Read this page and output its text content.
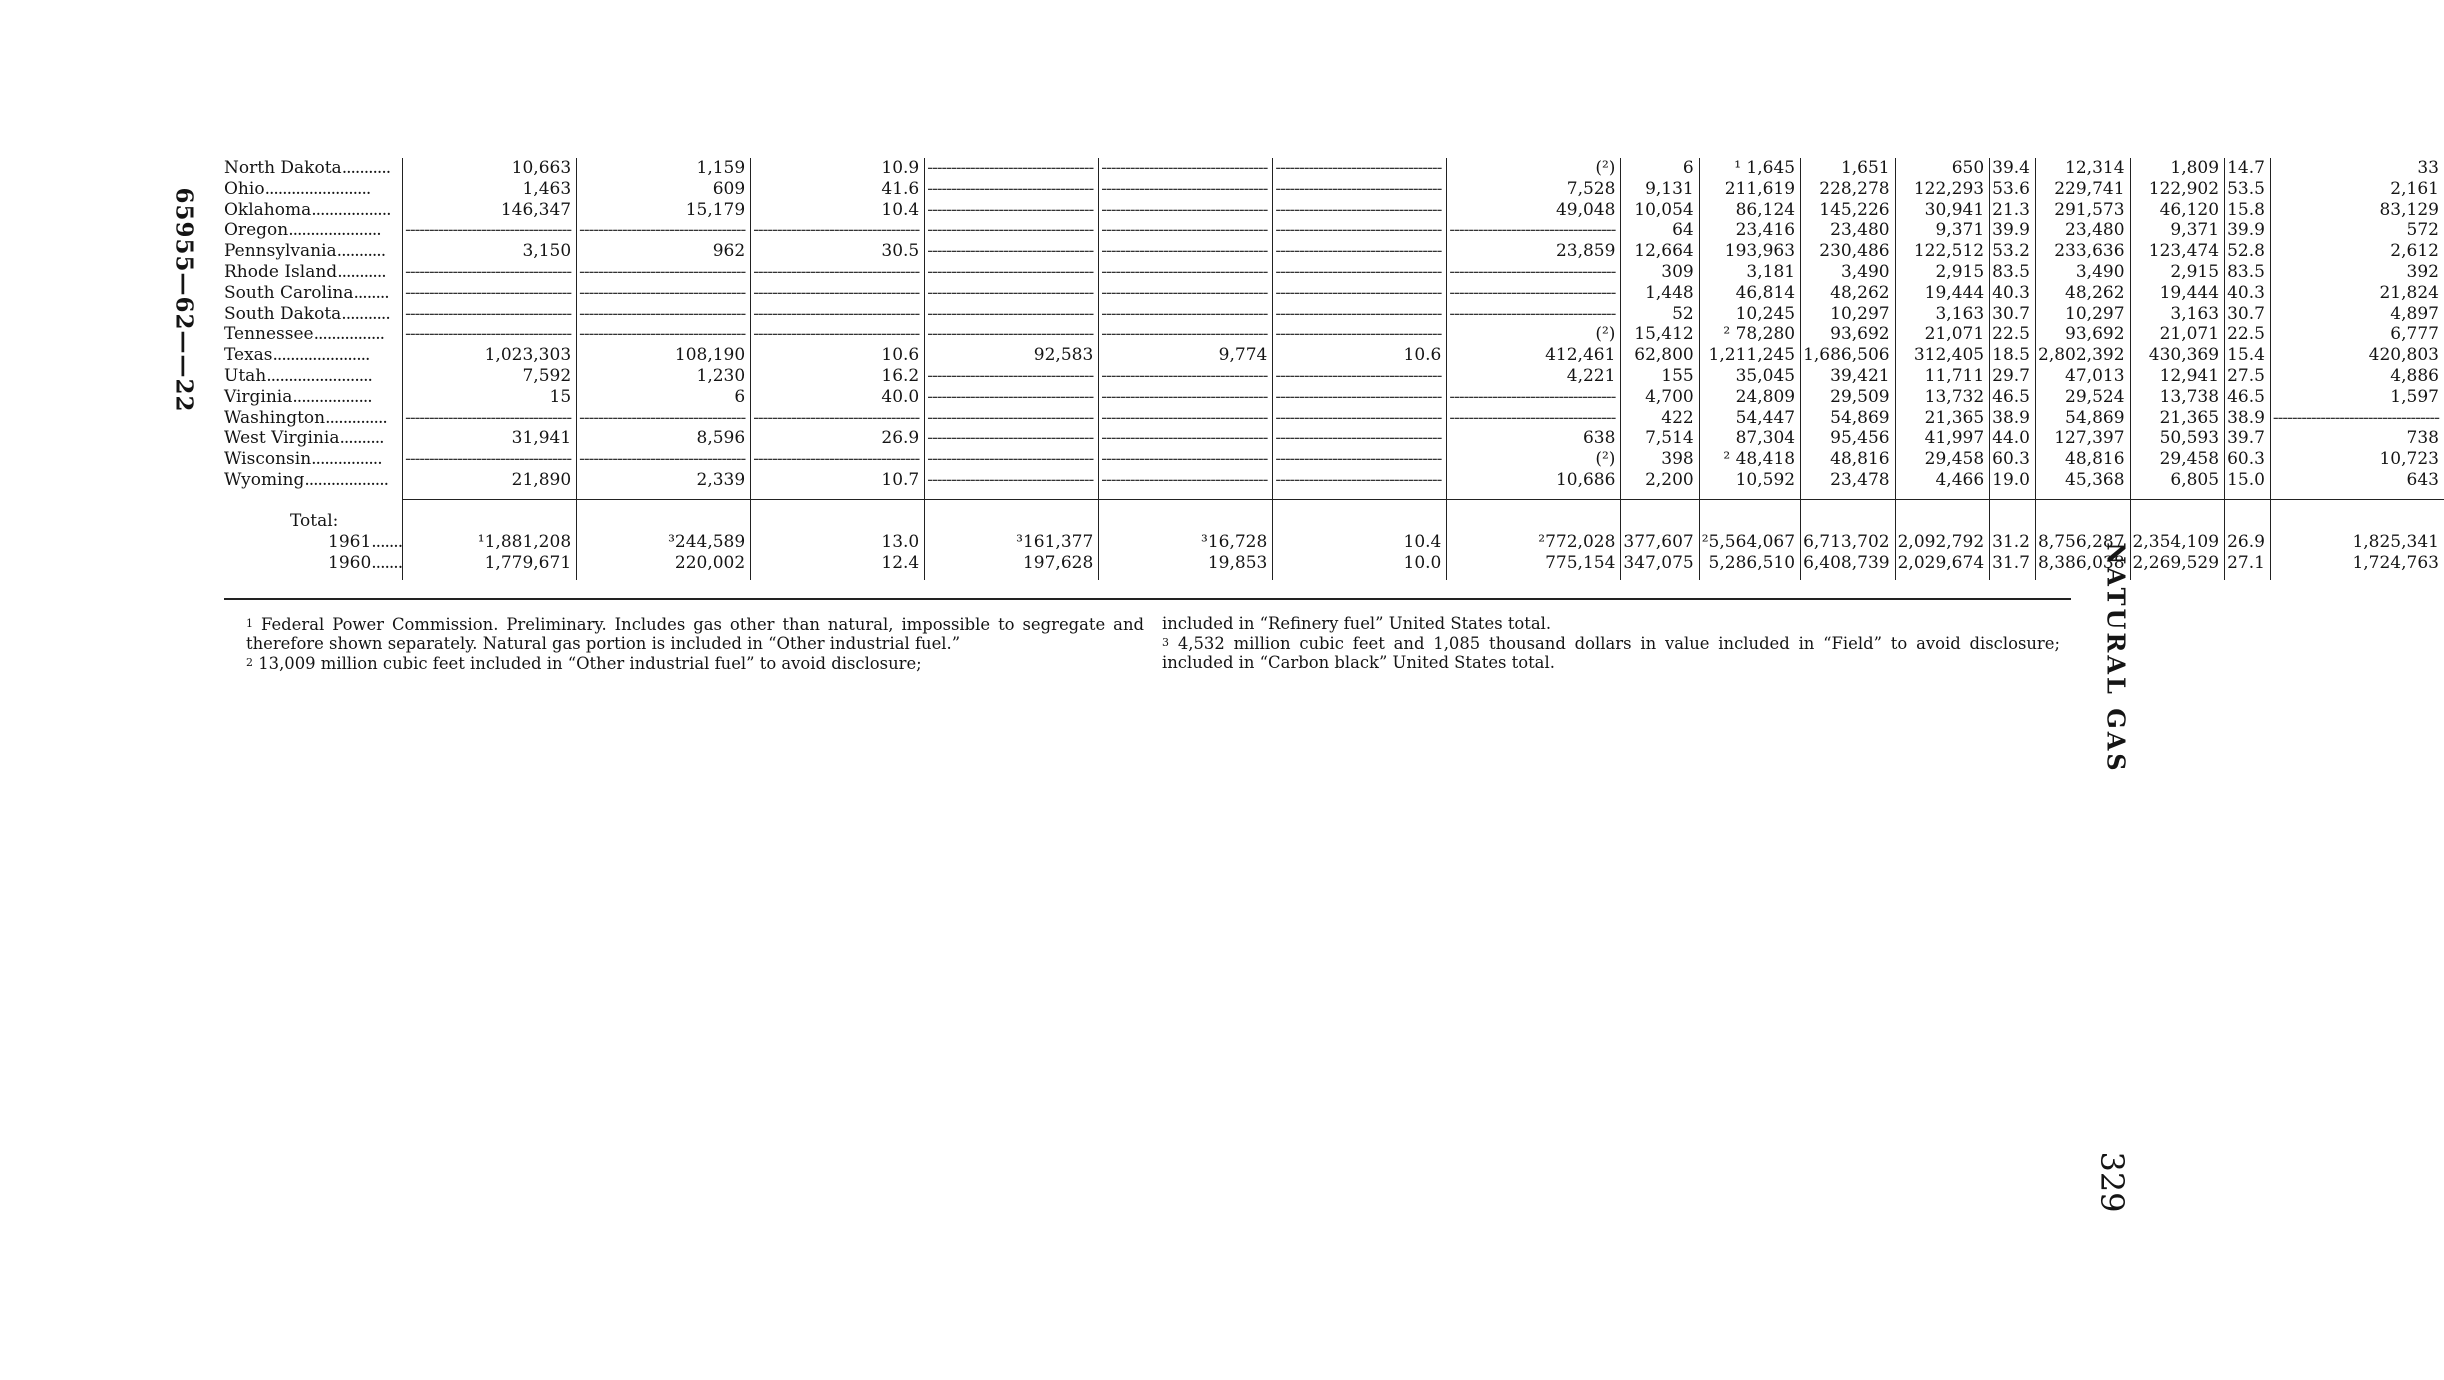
65955—62——22
NATURAL GAS
329
North Dakota...........	10,663	1,159	10.9	-----------------------------------	-----------------------------------	-----------------------------------	(²)	6	¹ 1,645	1,651	650	39.4	12,314	1,809	14.7	33
Ohio........................	1,463	609	41.6	-----------------------------------	-----------------------------------	-----------------------------------	7,528	9,131	211,619	228,278	122,293	53.6	229,741	122,902	53.5	2,161
Oklahoma..................	146,347	15,179	10.4	-----------------------------------	-----------------------------------	-----------------------------------	49,048	10,054	86,124	145,226	30,941	21.3	291,573	46,120	15.8	83,129
Oregon.....................	-----------------------------------	-----------------------------------	-----------------------------------	-----------------------------------	-----------------------------------	-----------------------------------	-----------------------------------	64	23,416	23,480	9,371	39.9	23,480	9,371	39.9	572
Pennsylvania...........	3,150	962	30.5	-----------------------------------	-----------------------------------	-----------------------------------	23,859	12,664	193,963	230,486	122,512	53.2	233,636	123,474	52.8	2,612
Rhode Island...........	-----------------------------------	-----------------------------------	-----------------------------------	-----------------------------------	-----------------------------------	-----------------------------------	-----------------------------------	309	3,181	3,490	2,915	83.5	3,490	2,915	83.5	392
South Carolina........	-----------------------------------	-----------------------------------	-----------------------------------	-----------------------------------	-----------------------------------	-----------------------------------	-----------------------------------	1,448	46,814	48,262	19,444	40.3	48,262	19,444	40.3	21,824
South Dakota...........	-----------------------------------	-----------------------------------	-----------------------------------	-----------------------------------	-----------------------------------	-----------------------------------	-----------------------------------	52	10,245	10,297	3,163	30.7	10,297	3,163	30.7	4,897
Tennessee................	-----------------------------------	-----------------------------------	-----------------------------------	-----------------------------------	-----------------------------------	-----------------------------------	(²)	15,412	² 78,280	93,692	21,071	22.5	93,692	21,071	22.5	6,777
Texas......................	1,023,303	108,190	10.6	92,583	9,774	10.6	412,461	62,800	1,211,245	1,686,506	312,405	18.5	2,802,392	430,369	15.4	420,803
Utah........................	7,592	1,230	16.2	-----------------------------------	-----------------------------------	-----------------------------------	4,221	155	35,045	39,421	11,711	29.7	47,013	12,941	27.5	4,886
Virginia..................	15	6	40.0	-----------------------------------	-----------------------------------	-----------------------------------	-----------------------------------	4,700	24,809	29,509	13,732	46.5	29,524	13,738	46.5	1,597
Washington..............	-----------------------------------	-----------------------------------	-----------------------------------	-----------------------------------	-----------------------------------	-----------------------------------	-----------------------------------	422	54,447	54,869	21,365	38.9	54,869	21,365	38.9	-----------------------------------

West Virginia..........	31,941	8,596	26.9	-----------------------------------	-----------------------------------	-----------------------------------	638	7,514	87,304	95,456	41,997	44.0	127,397	50,593	39.7	738
Wisconsin................	-----------------------------------	-----------------------------------	-----------------------------------	-----------------------------------	-----------------------------------	-----------------------------------	(²)	398	² 48,418	48,816	29,458	60.3	48,816	29,458	60.3	10,723
Wyoming...................	21,890	2,339	10.7	-----------------------------------	-----------------------------------	-----------------------------------	10,686	2,200	10,592	23,478	4,466	19.0	45,368	6,805	15.0	643

Total:																
1961.......	¹1,881,208	³244,589	13.0	³161,377	³16,728	10.4	²772,028	377,607	²5,564,067	6,713,702	2,092,792	31.2	8,756,287	2,354,109	26.9	1,825,341
1960.......	1,779,671	220,002	12.4	197,628	19,853	10.0	775,154	347,075	5,286,510	6,408,739	2,029,674	31.7	8,386,038	2,269,529	27.1	1,724,763

$^1$ Federal Power Commission. Preliminary. Includes gas other than natural, impossible to segregate and therefore shown separately. Natural gas portion is included in “Other industrial fuel.”

$^2$ 13,009 million cubic feet included in “Other industrial fuel” to avoid disclosure;

included in “Refinery fuel” United States total.

$^3$ 4,532 million cubic feet and 1,085 thousand dollars in value included in “Field” to avoid disclosure; included in “Carbon black” United States total.
